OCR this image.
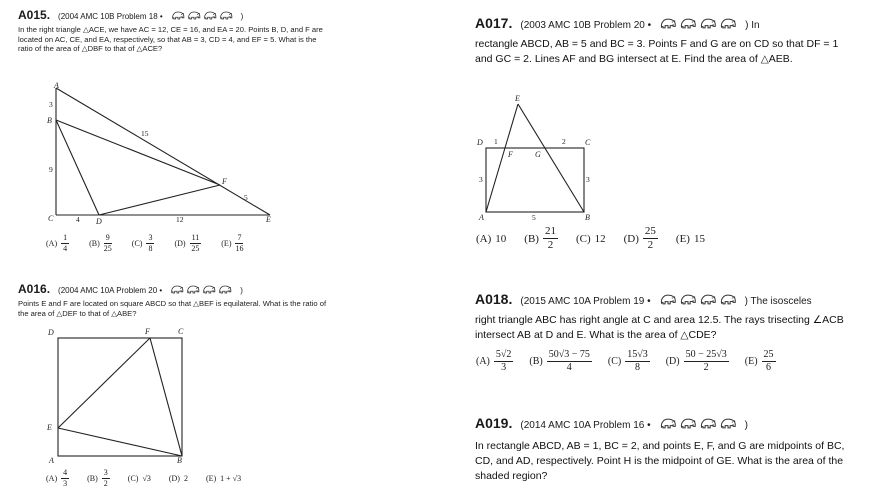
A015. (2004 AMC 10B Problem 18 •	)
In the right triangle △ACE, we have AC = 12, CE = 16, and EA = 20. Points B, D, and F are located on AC, CE, and EA, respectively, so that AB = 3, CD = 4, and EF = 5. What is the ratio of the area of △DBF to that of △ACE?
A
B
C	D	E
F
3
9
15
4	12
5
$(A) \frac{1}{4}$	$(B) \frac{9}{25}$	$(C) \frac{3}{8}$	$(D) \frac{11}{25}$	$(E) \frac{7}{16}$
A016. (2004 AMC 10A Problem 20 •	)
Points E and F are located on square ABCD so that △BEF is equilateral. What is the ratio of the area of △DEF to that of △ABE?
D	F	C
E
A	B
$(A) \frac{4}{3} (B) \frac{3}{2} (C)$ √3 (D) 2 (E) 1 + √3
A017. (2003 AMC 10B Problem 20 •	) In
rectangle ABCD, AB = 5 and BC = 3. Points F and G are on CD so that DF = 1 and GC = 2. Lines AF and BG intersect at E. Find the area of △AEB.
E
D	C
F	G
A	B
1	2
3
3
5
(A) 10 $(B) \frac{21}{2} (C)$ 12 $(D) \frac{25}{2} (E)$ 15
A018. (2015 AMC 10A Problem 19 •	) The isosceles
right triangle ABC has right angle at C and area 12.5. The rays trisecting ∠ACB intersect AB at D and E. What is the area of △CDE?
$(A) \frac{5√2}{3} (B) \frac{50√3 - 75}{4} (C) \frac{15√3}{8} (D) \frac{50 - 25√3}{2} (E) \frac{25}{6}$
A019. (2014 AMC 10A Problem 16 •	)
In rectangle ABCD, AB = 1, BC = 2, and points E, F, and G are midpoints of BC, CD, and AD, respectively. Point H is the midpoint of GE. What is the area of the shaded region?
